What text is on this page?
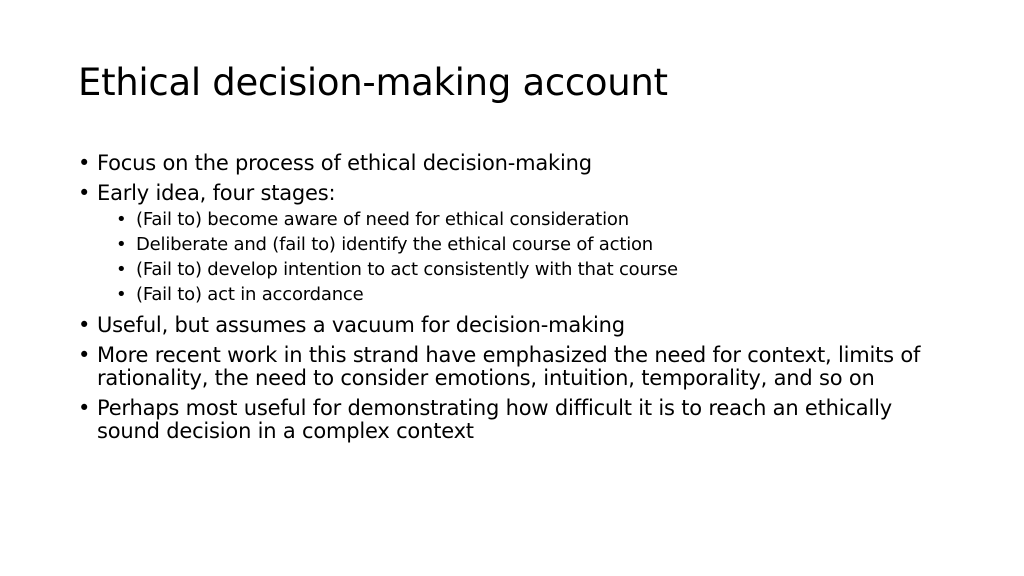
Ethical decision-making account
• Focus on the process of ethical decision-making
• Early idea, four stages:
• (Fail to) become aware of need for ethical consideration
• Deliberate and (fail to) identify the ethical course of action
• (Fail to) develop intention to act consistently with that course
• (Fail to) act in accordance
• Useful, but assumes a vacuum for decision-making
• More recent work in this strand have emphasized the need for context, limits of rationality, the need to consider emotions, intuition, temporality, and so on
• Perhaps most useful for demonstrating how difficult it is to reach an ethically sound decision in a complex context
